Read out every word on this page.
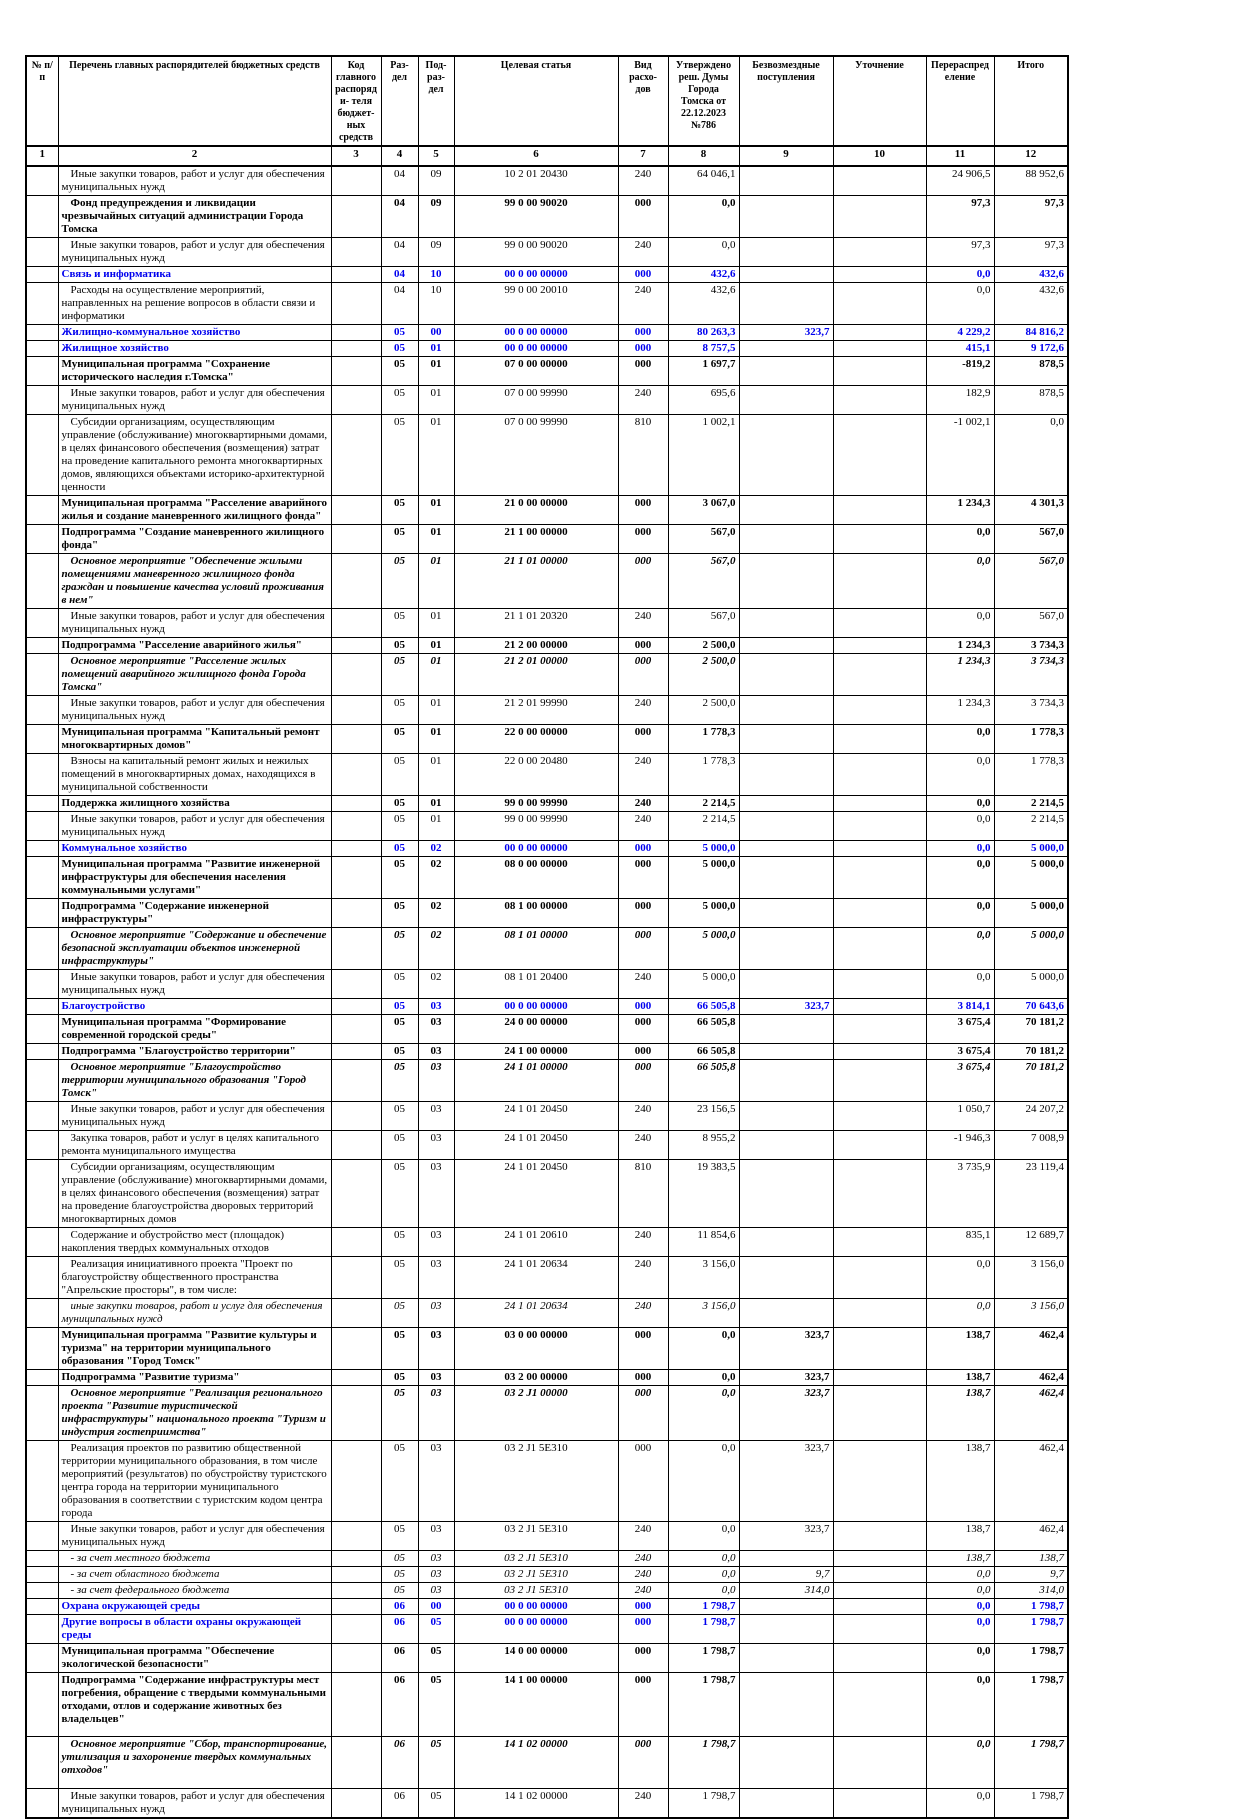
№ п/п	Перечень главных распорядителей бюджетных средств	Код главного распоряди- теля бюджет- ных средств	Раз- дел	Под- раз- дел	Целевая статья	Вид расхо- дов	Утверждено реш. Думы Города Томска от 22.12.2023 №786	Безвозмездные поступления	Уточнение	Перераспределение	Итого
1	2	3	4	5	6	7	8	9	10	11	12
	Иные закупки товаров, работ и услуг для обеспечения муниципальных нужд		04	09	10 2 01 20430	240	64 046,1			24 906,5	88 952,6
	Фонд предупреждения и ликвидации чрезвычайных ситуаций администрации Города Томска		04	09	99 0 00 90020	000	0,0			97,3	97,3
	Иные закупки товаров, работ и услуг для обеспечения муниципальных нужд		04	09	99 0 00 90020	240	0,0			97,3	97,3
	Связь и информатика		04	10	00 0 00 00000	000	432,6			0,0	432,6
	Расходы на осуществление мероприятий, направленных на решение вопросов в области связи и информатики		04	10	99 0 00 20010	240	432,6			0,0	432,6
	Жилищно-коммунальное хозяйство		05	00	00 0 00 00000	000	80 263,3	323,7		4 229,2	84 816,2
	Жилищное хозяйство		05	01	00 0 00 00000	000	8 757,5			415,1	9 172,6
	Муниципальная программа "Сохранение исторического наследия г.Томска"		05	01	07 0 00 00000	000	1 697,7			-819,2	878,5
	Иные закупки товаров, работ и услуг для обеспечения муниципальных нужд		05	01	07 0 00 99990	240	695,6			182,9	878,5
	Субсидии организациям, осуществляющим управление (обслуживание) многоквартирными домами, в целях финансового обеспечения (возмещения) затрат на проведение капитального ремонта многоквартирных домов, являющихся объектами историко-архитектурной ценности		05	01	07 0 00 99990	810	1 002,1			-1 002,1	0,0
	Муниципальная программа "Расселение аварийного жилья и создание маневренного жилищного фонда"		05	01	21 0 00 00000	000	3 067,0			1 234,3	4 301,3
	Подпрограмма "Создание маневренного жилищного фонда"		05	01	21 1 00 00000	000	567,0			0,0	567,0
	Основное мероприятие "Обеспечение жилыми помещениями маневренного жилищного фонда граждан и повышение качества условий проживания в нем"		05	01	21 1 01 00000	000	567,0			0,0	567,0
	Иные закупки товаров, работ и услуг для обеспечения муниципальных нужд		05	01	21 1 01 20320	240	567,0			0,0	567,0
	Подпрограмма "Расселение аварийного жилья"		05	01	21 2 00 00000	000	2 500,0			1 234,3	3 734,3
	Основное мероприятие "Расселение жилых помещений аварийного жилищного фонда Города Томска"		05	01	21 2 01 00000	000	2 500,0			1 234,3	3 734,3
	Иные закупки товаров, работ и услуг для обеспечения муниципальных нужд		05	01	21 2 01 99990	240	2 500,0			1 234,3	3 734,3
	Муниципальная программа "Капитальный ремонт многоквартирных домов"		05	01	22 0 00 00000	000	1 778,3			0,0	1 778,3
	Взносы на капитальный ремонт жилых и нежилых помещений в многоквартирных домах, находящихся в муниципальной собственности		05	01	22 0 00 20480	240	1 778,3			0,0	1 778,3
	Поддержка жилищного хозяйства		05	01	99 0 00 99990	240	2 214,5			0,0	2 214,5
	Иные закупки товаров, работ и услуг для обеспечения муниципальных нужд		05	01	99 0 00 99990	240	2 214,5			0,0	2 214,5
	Коммунальное хозяйство		05	02	00 0 00 00000	000	5 000,0			0,0	5 000,0
	Муниципальная программа "Развитие инженерной инфраструктуры для обеспечения населения коммунальными услугами"		05	02	08 0 00 00000	000	5 000,0			0,0	5 000,0
	Подпрограмма "Содержание инженерной инфраструктуры"		05	02	08 1 00 00000	000	5 000,0			0,0	5 000,0
	Основное мероприятие "Содержание и обеспечение безопасной эксплуатации объектов инженерной инфраструктуры"		05	02	08 1 01 00000	000	5 000,0			0,0	5 000,0
	Иные закупки товаров, работ и услуг для обеспечения муниципальных нужд		05	02	08 1 01 20400	240	5 000,0			0,0	5 000,0
	Благоустройство		05	03	00 0 00 00000	000	66 505,8	323,7		3 814,1	70 643,6
	Муниципальная программа "Формирование современной городской среды"		05	03	24 0 00 00000	000	66 505,8			3 675,4	70 181,2
	Подпрограмма "Благоустройство территории"		05	03	24 1 00 00000	000	66 505,8			3 675,4	70 181,2
	Основное мероприятие "Благоустройство территории муниципального образования "Город Томск"		05	03	24 1 01 00000	000	66 505,8			3 675,4	70 181,2
	Иные закупки товаров, работ и услуг для обеспечения муниципальных нужд		05	03	24 1 01 20450	240	23 156,5			1 050,7	24 207,2
	Закупка товаров, работ и услуг в целях капитального ремонта муниципального имущества		05	03	24 1 01 20450	240	8 955,2			-1 946,3	7 008,9
	Субсидии организациям, осуществляющим управление (обслуживание) многоквартирными домами, в целях финансового обеспечения (возмещения) затрат на проведение благоустройства дворовых территорий многоквартирных домов		05	03	24 1 01 20450	810	19 383,5			3 735,9	23 119,4
	Содержание и обустройство мест (площадок) накопления твердых коммунальных отходов		05	03	24 1 01 20610	240	11 854,6			835,1	12 689,7
	Реализация инициативного проекта "Проект по благоустройству общественного пространства "Апрельские просторы", в том числе:		05	03	24 1 01 20634	240	3 156,0			0,0	3 156,0
	иные закупки товаров, работ и услуг для обеспечения муниципальных нужд		05	03	24 1 01 20634	240	3 156,0			0,0	3 156,0
	Муниципальная программа "Развитие культуры и туризма" на территории муниципального образования "Город Томск"		05	03	03 0 00 00000	000	0,0	323,7		138,7	462,4
	Подпрограмма "Развитие туризма"		05	03	03 2 00 00000	000	0,0	323,7		138,7	462,4
	Основное мероприятие "Реализация регионального проекта "Развитие туристической инфраструктуры" национального проекта "Туризм и индустрия гостеприимства"		05	03	03 2 J1 00000	000	0,0	323,7		138,7	462,4
	Реализация проектов по развитию общественной территории муниципального образования, в том числе мероприятий (результатов) по обустройству туристского центра города на территории муниципального образования в соответствии с туристским кодом центра города		05	03	03 2 J1 5Е310	000	0,0	323,7		138,7	462,4
	Иные закупки товаров, работ и услуг для обеспечения муниципальных нужд		05	03	03 2 J1 5Е310	240	0,0	323,7		138,7	462,4
	- за счет местного бюджета		05	03	03 2 J1 5Е310	240	0,0			138,7	138,7
	- за счет областного бюджета		05	03	03 2 J1 5Е310	240	0,0	9,7		0,0	9,7
	- за счет федерального бюджета		05	03	03 2 J1 5Е310	240	0,0	314,0		0,0	314,0
	Охрана окружающей среды		06	00	00 0 00 00000	000	1 798,7			0,0	1 798,7
	Другие вопросы в области охраны окружающей среды		06	05	00 0 00 00000	000	1 798,7			0,0	1 798,7
	Муниципальная программа "Обеспечение экологической безопасности"		06	05	14 0 00 00000	000	1 798,7			0,0	1 798,7
	Подпрограмма "Содержание инфраструктуры мест погребения, обращение с твердыми коммунальными отходами, отлов и содержание животных без владельцев"		06	05	14 1 00 00000	000	1 798,7			0,0	1 798,7
	Основное мероприятие "Сбор, транспортирование, утилизация и захоронение твердых коммунальных отходов"		06	05	14 1 02 00000	000	1 798,7			0,0	1 798,7
	Иные закупки товаров, работ и услуг для обеспечения муниципальных нужд		06	05	14 1 02 00000	240	1 798,7			0,0	1 798,7
